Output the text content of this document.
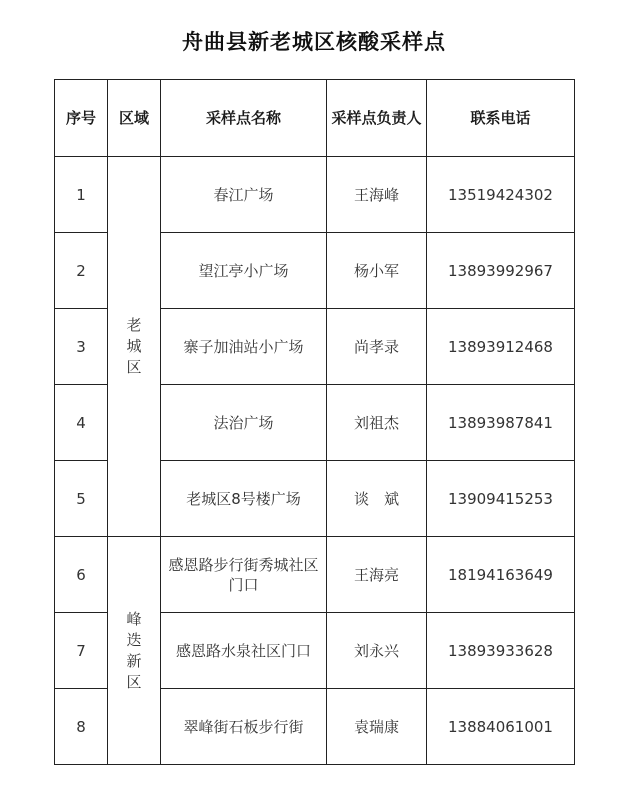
舟曲县新老城区核酸采样点
序号	区域	采样点名称	采样点负责人	联系电话
1	老城区	春江广场	王海峰	13519424302
2		望江亭小广场	杨小军	13893992967
3		寨子加油站小广场	尚孝录	13893912468
4		法治广场	刘祖杰	13893987841
5		老城区8号楼广场	谈　斌	13909415253
6	峰迭新区	感恩路步行街秀城社区门口	王海亮	18194163649
7		感恩路水泉社区门口	刘永兴	13893933628
8		翠峰街石板步行街	袁瑞康	13884061001
